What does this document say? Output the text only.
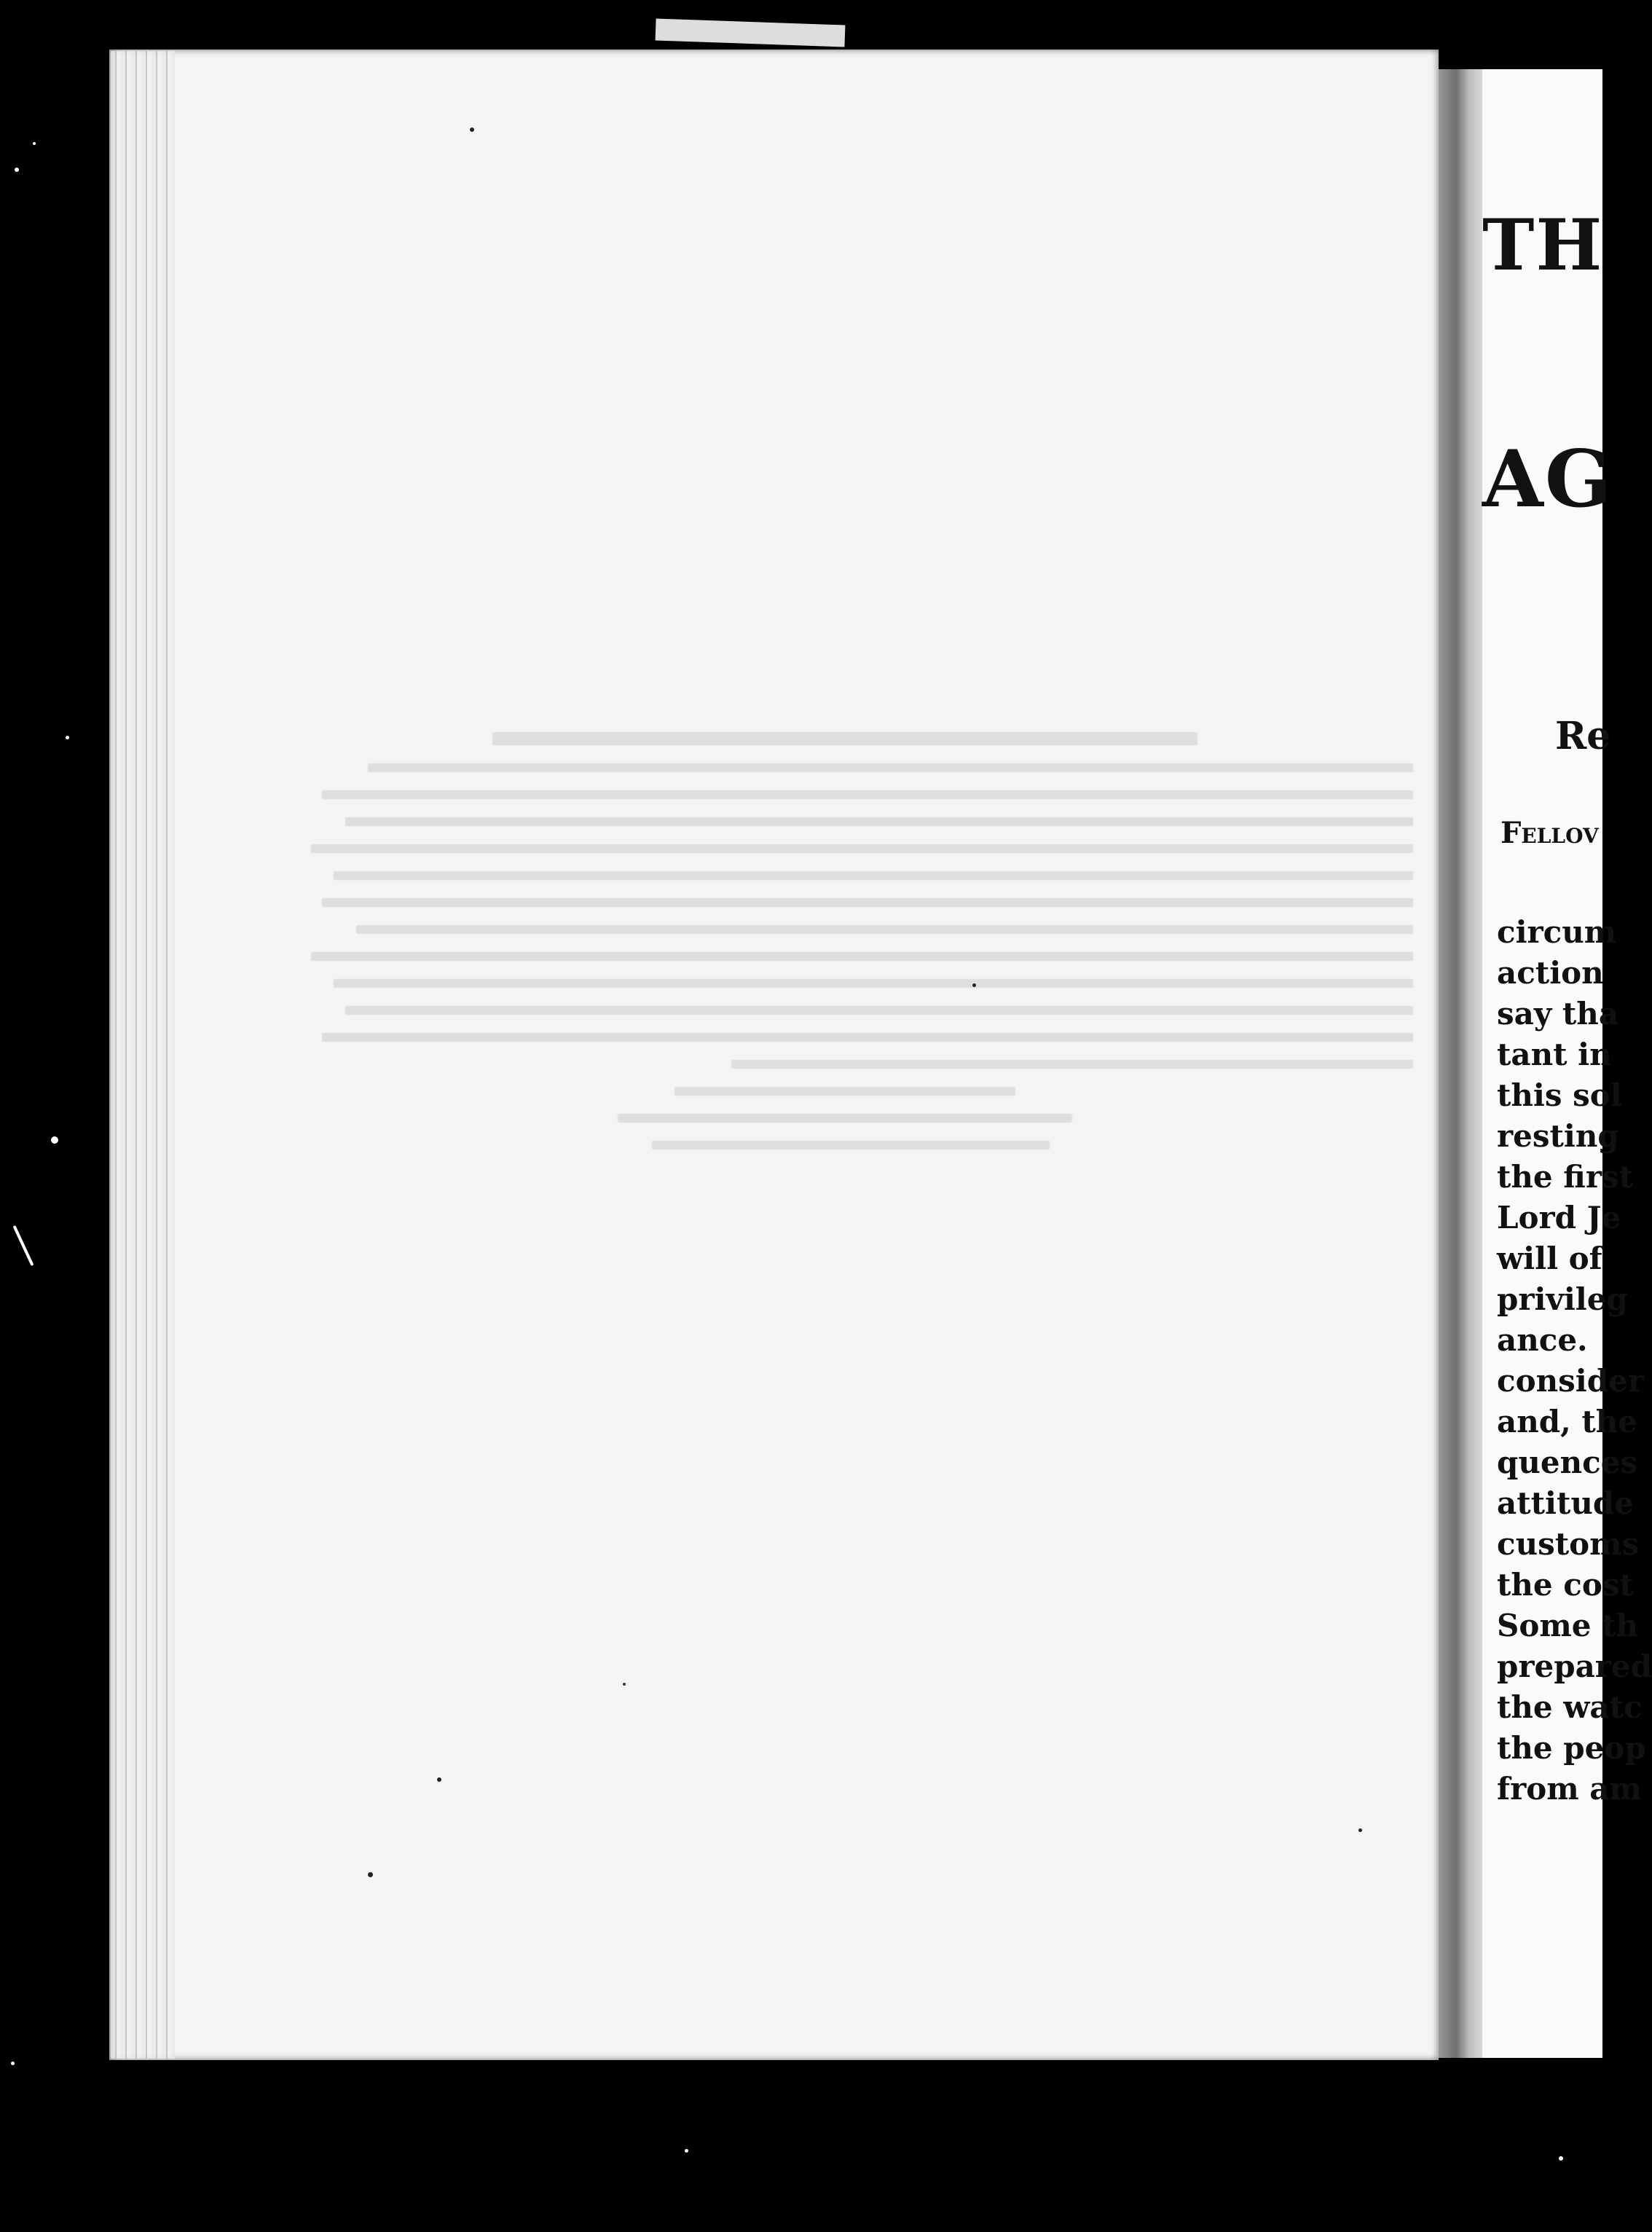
TH
AG
Re
Fellov
circum
action
say tha
tant in
this sol
resting
the first
Lord Je
will of
privileg
ance.
consider
and, the
quences
attitude
customs
the cost
Some th
prepared
the watc
the peop
from am
